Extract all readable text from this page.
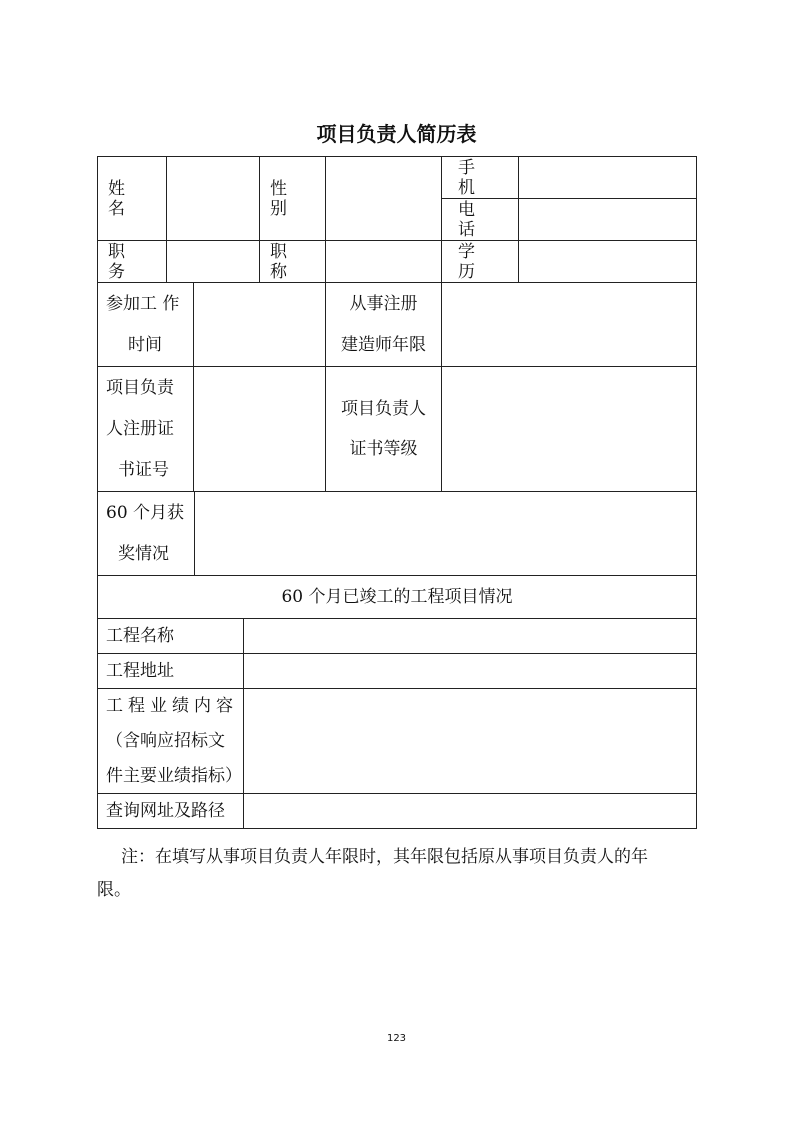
项目负责人简历表
姓 名
性 别
手 机
电 话
职 务
职 称
学 历
参加工 作
时间
从事注册
建造师年限
项目负责
人注册证
书证号
项目负责人
证书等级
60 个月获
奖情况
60 个月已竣工的工程项目情况
工程名称
工程地址
工程业绩内容
（含响应招标文
件主要业绩指标）
查询网址及路径
注：在填写从事项目负责人年限时，其年限包括原从事项目负责人的年
限。
123
